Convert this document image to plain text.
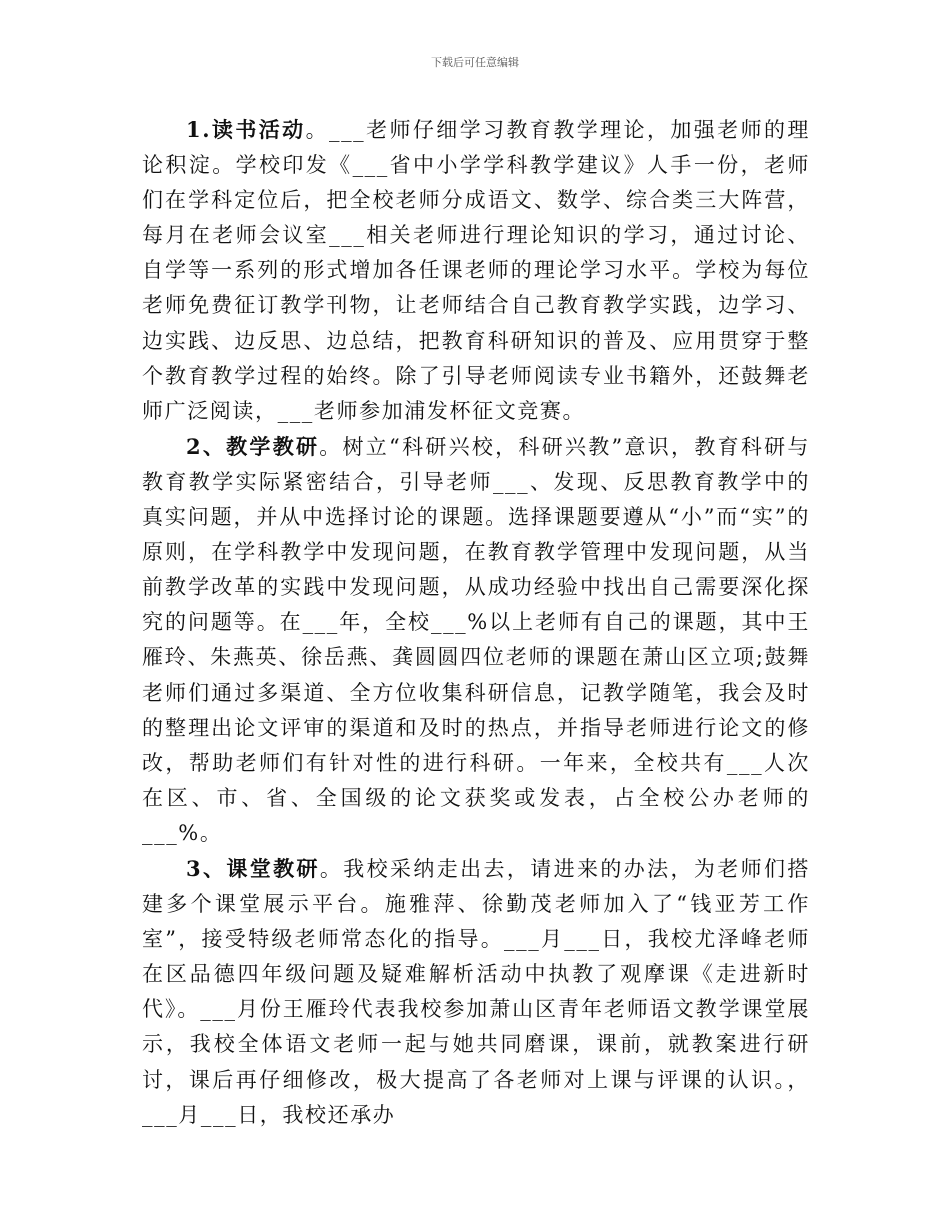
下载后可任意编辑

1.读书活动。___老师仔细学习教育教学理论，加强老师的理论积淀。学校印发《___省中小学学科教学建议》人手一份，老师们在学科定位后，把全校老师分成语文、数学、综合类三大阵营，每月在老师会议室___相关老师进行理论知识的学习，通过讨论、自学等一系列的形式增加各任课老师的理论学习水平。学校为每位老师免费征订教学刊物，让老师结合自己教育教学实践，边学习、边实践、边反思、边总结，把教育科研知识的普及、应用贯穿于整个教育教学过程的始终。除了引导老师阅读专业书籍外，还鼓舞老师广泛阅读，___老师参加浦发杯征文竞赛。

2、教学教研。树立“科研兴校，科研兴教”意识，教育科研与教育教学实际紧密结合，引导老师___、发现、反思教育教学中的真实问题，并从中选择讨论的课题。选择课题要遵从“小”而“实”的原则，在学科教学中发现问题，在教育教学管理中发现问题，从当前教学改革的实践中发现问题，从成功经验中找出自己需要深化探究的问题等。在___年，全校___%以上老师有自己的课题，其中王雁玲、朱燕英、徐岳燕、龚圆圆四位老师的课题在萧山区立项;鼓舞老师们通过多渠道、全方位收集科研信息，记教学随笔，我会及时的整理出论文评审的渠道和及时的热点，并指导老师进行论文的修改，帮助老师们有针对性的进行科研。一年来，全校共有___人次在区、市、省、全国级的论文获奖或发表，占全校公办老师的___%。

3、课堂教研。我校采纳走出去，请进来的办法，为老师们搭建多个课堂展示平台。施雅萍、徐勤茂老师加入了“钱亚芳工作室”，接受特级老师常态化的指导。___月___日，我校尤泽峰老师在区品德四年级问题及疑难解析活动中执教了观摩课《走进新时代》。___月份王雁玲代表我校参加萧山区青年老师语文教学课堂展示，我校全体语文老师一起与她共同磨课，课前，就教案进行研讨，课后再仔细修改，极大提高了各老师对上课与评课的认识。，___月___日，我校还承办
